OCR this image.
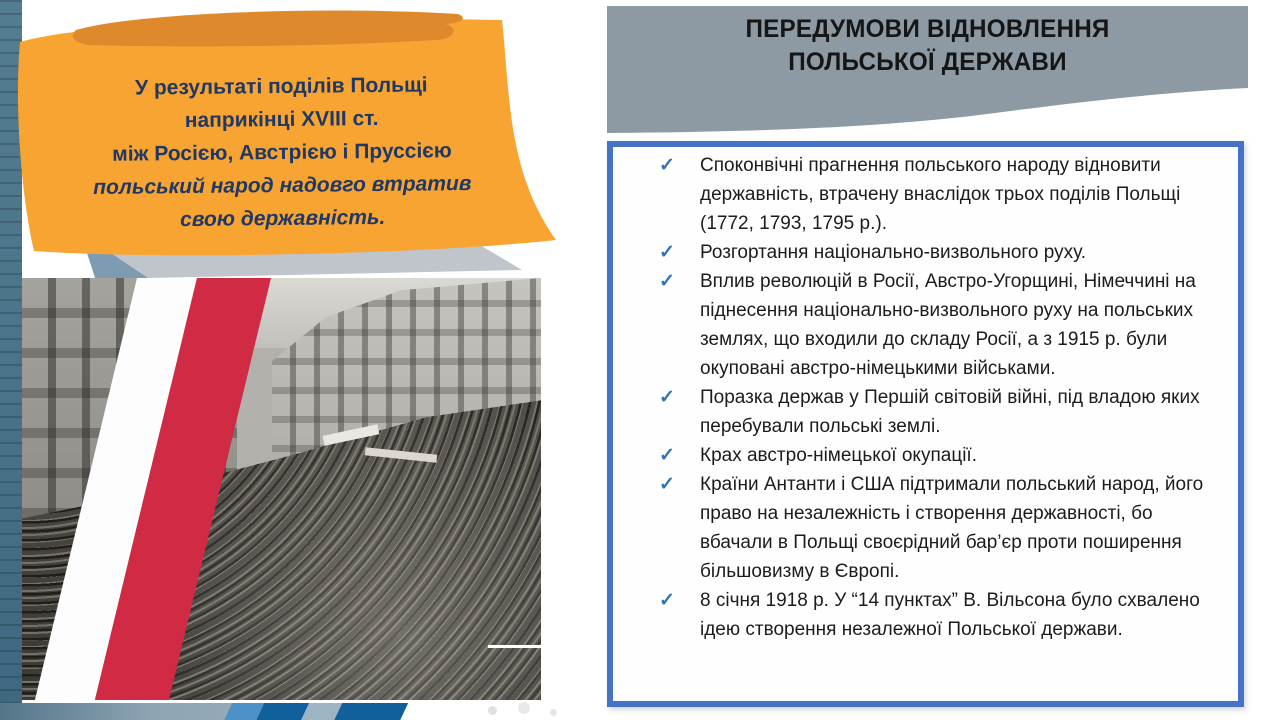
У результаті поділів Польщі
наприкінці XVIII ст.
між Росією, Австрією і Пруссією
польський народ надовго втратив
свою державність.
ПЕРЕДУМОВИ ВІДНОВЛЕННЯ
ПОЛЬСЬКОЇ ДЕРЖАВИ
✓ Споконвічні прагнення польського народу відновити державність, втрачену внаслідок трьох поділів Польщі (1772, 1793, 1795 р.).
✓ Розгортання національно-визвольного руху.
✓ Вплив революцій в Росії, Австро-Угорщині, Німеччині на піднесення національно-визвольного руху на польських землях, що входили до складу Росії, а з 1915 р. були окуповані австро-німецькими військами.
✓ Поразка держав у Першій світовій війні, під владою яких перебували польські землі.
✓ Крах австро-німецької окупації.
✓ Країни Антанти і США підтримали польський народ, його право на незалежність і створення державності, бо вбачали в Польщі своєрідний бар’єр проти поширення більшовизму в Європі.
✓ 8 січня 1918 р. У “14 пунктах” В. Вільсона було схвалено ідею створення незалежної Польської держави.
